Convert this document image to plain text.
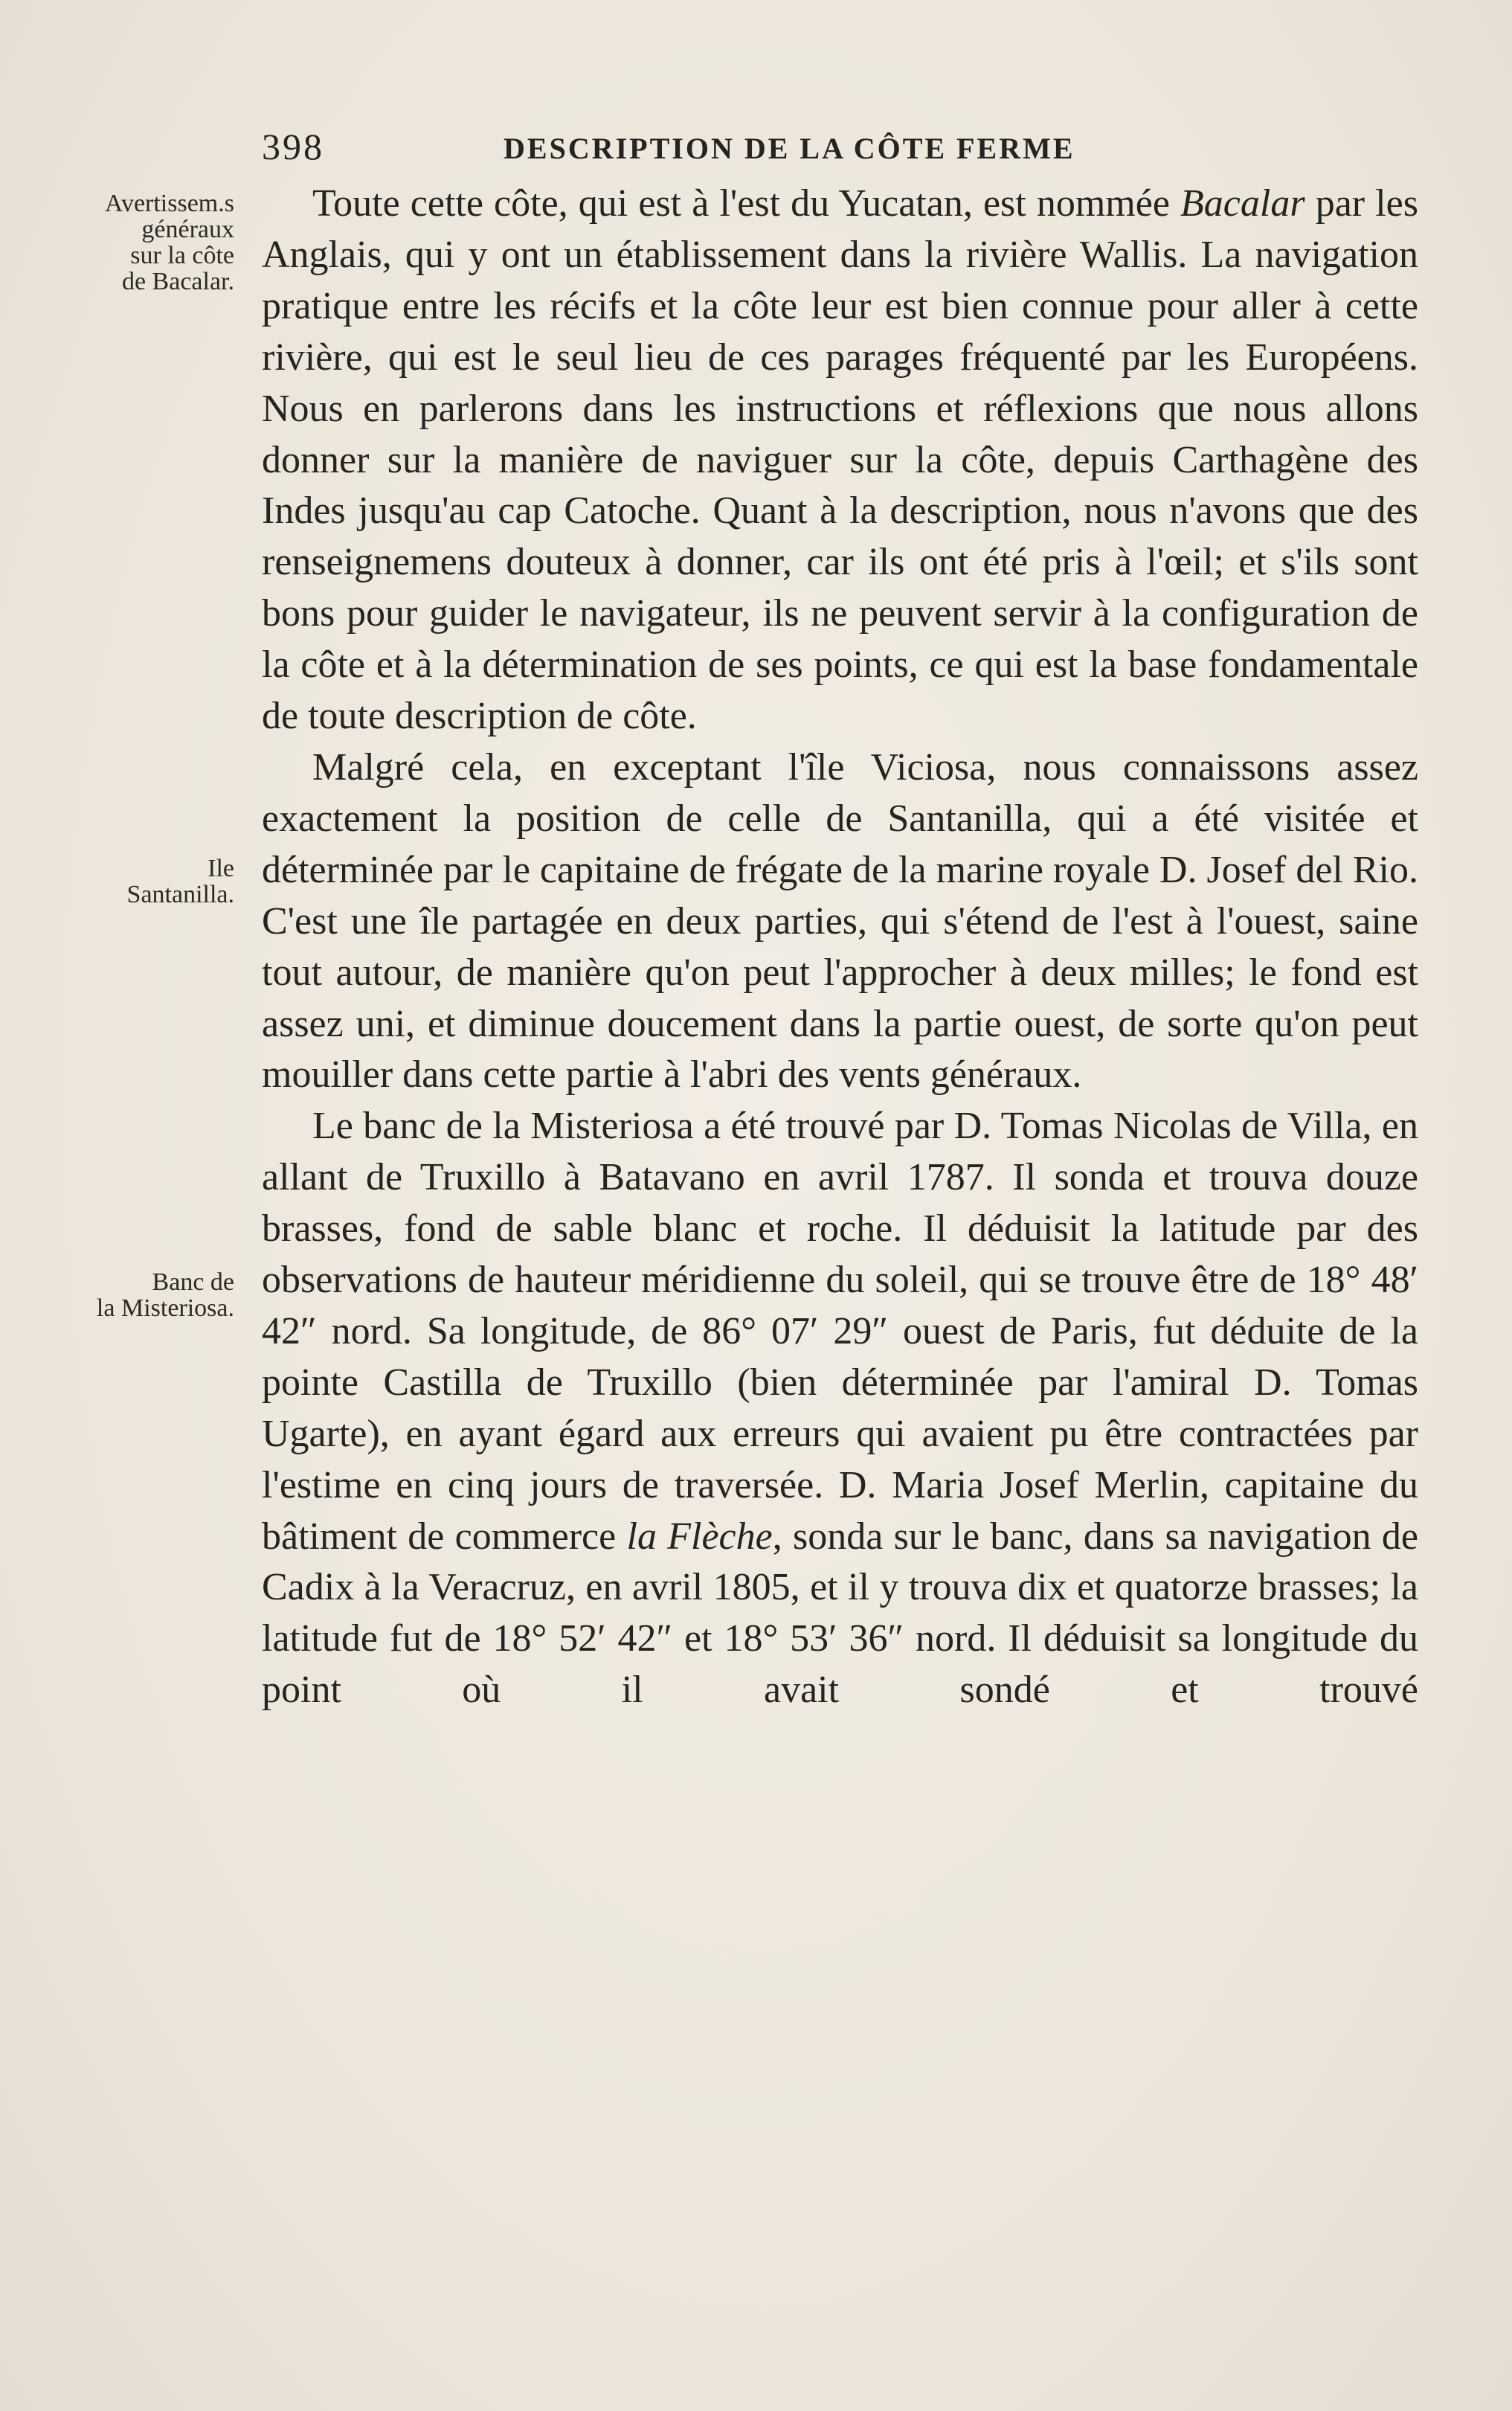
398	DESCRIPTION DE LA CÔTE FERME
Avertissem.s
généraux
sur la côte
de Bacalar.
Ile
Santanilla.
Banc de
la Misteriosa.

Toute cette côte, qui est à l'est du Yucatan, est nommée Bacalar par les Anglais, qui y ont un établissement dans la rivière Wallis. La navigation pratique entre les récifs et la côte leur est bien connue pour aller à cette rivière, qui est le seul lieu de ces parages fréquenté par les Européens. Nous en parlerons dans les instructions et réflexions que nous allons donner sur la manière de naviguer sur la côte, depuis Carthagène des Indes jusqu'au cap Catoche. Quant à la description, nous n'avons que des renseignemens douteux à donner, car ils ont été pris à l'œil; et s'ils sont bons pour guider le navigateur, ils ne peuvent servir à la configuration de la côte et à la détermination de ses points, ce qui est la base fondamentale de toute description de côte.

Malgré cela, en exceptant l'île Viciosa, nous connaissons assez exactement la position de celle de Santanilla, qui a été visitée et déterminée par le capitaine de frégate de la marine royale D. Josef del Rio. C'est une île partagée en deux parties, qui s'étend de l'est à l'ouest, saine tout autour, de manière qu'on peut l'approcher à deux milles; le fond est assez uni, et diminue doucement dans la partie ouest, de sorte qu'on peut mouiller dans cette partie à l'abri des vents généraux.

Le banc de la Misteriosa a été trouvé par D. Tomas Nicolas de Villa, en allant de Truxillo à Batavano en avril 1787. Il sonda et trouva douze brasses, fond de sable blanc et roche. Il déduisit la latitude par des observations de hauteur méridienne du soleil, qui se trouve être de 18° 48′ 42″ nord. Sa longitude, de 86° 07′ 29″ ouest de Paris, fut déduite de la pointe Castilla de Truxillo (bien déterminée par l'amiral D. Tomas Ugarte), en ayant égard aux erreurs qui avaient pu être contractées par l'estime en cinq jours de traversée. D. Maria Josef Merlin, capitaine du bâtiment de commerce la Flèche, sonda sur le banc, dans sa navigation de Cadix à la Veracruz, en avril 1805, et il y trouva dix et quatorze brasses; la latitude fut de 18° 52′ 42″ et 18° 53′ 36″ nord. Il déduisit sa longitude du point où il avait sondé et trouvé
